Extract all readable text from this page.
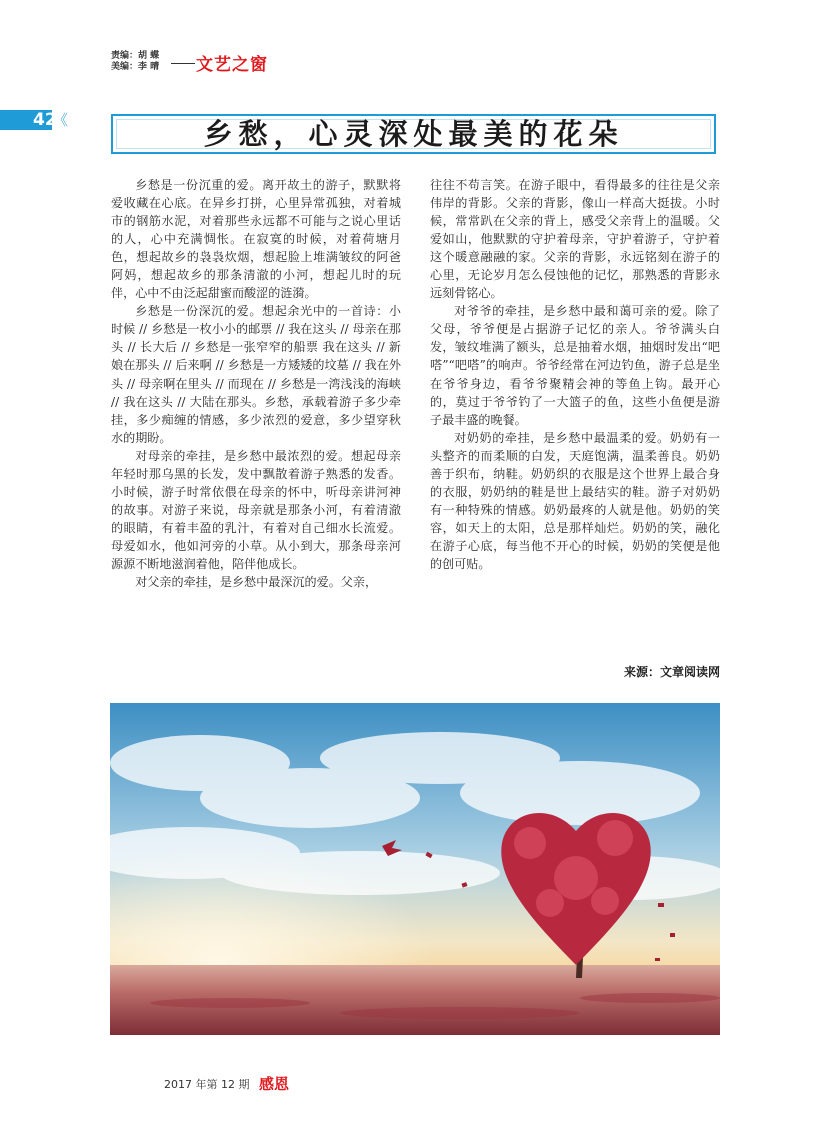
责编：胡 蝶
美编：李 晴 文艺之窗
42
《	乡愁，心灵深处最美的花朵

乡愁是一份沉重的爱。离开故土的游子，默默将爱收藏在心底。在异乡打拼，心里异常孤独，对着城市的钢筋水泥，对着那些永远都不可能与之说心里话的人，心中充满惆怅。在寂寞的时候，对着荷塘月色，想起故乡的袅袅炊烟，想起脸上堆满皱纹的阿爸阿妈，想起故乡的那条清澈的小河，想起儿时的玩伴，心中不由泛起甜蜜而酸涩的涟漪。

乡愁是一份深沉的爱。想起余光中的一首诗：小时候 // 乡愁是一枚小小的邮票 // 我在这头 // 母亲在那头 // 长大后 // 乡愁是一张窄窄的船票 我在这头 // 新娘在那头 // 后来啊 // 乡愁是一方矮矮的坟墓 // 我在外头 // 母亲啊在里头 // 而现在 // 乡愁是一湾浅浅的海峡 // 我在这头 // 大陆在那头。乡愁，承载着游子多少牵挂，多少痴缠的情感，多少浓烈的爱意，多少望穿秋水的期盼。

对母亲的牵挂，是乡愁中最浓烈的爱。想起母亲年轻时那乌黑的长发，发中飘散着游子熟悉的发香。小时候，游子时常依偎在母亲的怀中，听母亲讲河神的故事。对游子来说，母亲就是那条小河，有着清澈的眼睛，有着丰盈的乳汁，有着对自己细水长流爱。母爱如水，他如河旁的小草。从小到大，那条母亲河源源不断地滋润着他，陪伴他成长。

对父亲的牵挂，是乡愁中最深沉的爱。父亲，

往往不苟言笑。在游子眼中，看得最多的往往是父亲伟岸的背影。父亲的背影，像山一样高大挺拔。小时候，常常趴在父亲的背上，感受父亲背上的温暖。父爱如山，他默默的守护着母亲，守护着游子，守护着这个暖意融融的家。父亲的背影，永远铭刻在游子的心里，无论岁月怎么侵蚀他的记忆，那熟悉的背影永远刻骨铭心。

对爷爷的牵挂，是乡愁中最和蔼可亲的爱。除了父母，爷爷便是占据游子记忆的亲人。爷爷满头白发，皱纹堆满了额头，总是抽着水烟，抽烟时发出“吧嗒”“吧嗒”的响声。爷爷经常在河边钓鱼，游子总是坐在爷爷身边，看爷爷聚精会神的等鱼上钩。最开心的，莫过于爷爷钓了一大篮子的鱼，这些小鱼便是游子最丰盛的晚餐。

对奶奶的牵挂，是乡愁中最温柔的爱。奶奶有一头整齐的而柔顺的白发，天庭饱满，温柔善良。奶奶善于织布，纳鞋。奶奶织的衣服是这个世界上最合身的衣服，奶奶纳的鞋是世上最结实的鞋。游子对奶奶有一种特殊的情感。奶奶最疼的人就是他。奶奶的笑容，如天上的太阳，总是那样灿烂。奶奶的笑，融化在游子心底，每当他不开心的时候，奶奶的笑便是他的创可贴。

来源：文章阅读网
2017 年第 12 期 感恩
